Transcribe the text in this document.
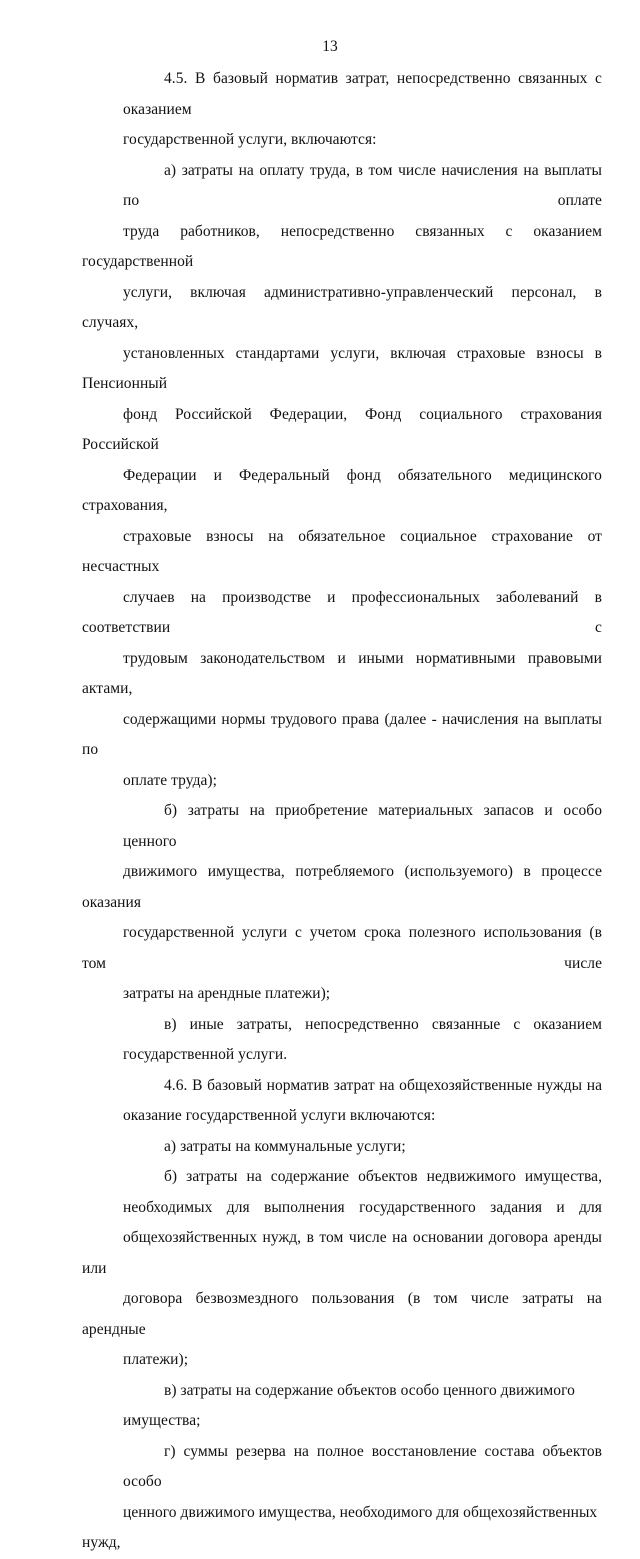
13

4.5. В базовый норматив затрат, непосредственно связанных с оказаниемгосударственной услуги, включаются:

а) затраты на оплату труда, в том числе начисления на выплаты по оплатетруда работников, непосредственно связанных с оказанием государственнойуслуги, включая административно-управленческий персонал, в случаях,установленных стандартами услуги, включая страховые взносы в Пенсионныйфонд Российской Федерации, Фонд социального страхования РоссийскойФедерации и Федеральный фонд обязательного медицинского страхования,страховые взносы на обязательное социальное страхование от несчастныхслучаев на производстве и профессиональных заболеваний в соответствии струдовым законодательством и иными нормативными правовыми актами,содержащими нормы трудового права (далее - начисления на выплаты пооплате труда);

б) затраты на приобретение материальных запасов и особо ценногодвижимого имущества, потребляемого (используемого) в процессе оказаниягосударственной услуги с учетом срока полезного использования (в том числезатраты на арендные платежи);

в) иные затраты, непосредственно связанные с оказаниемгосударственной услуги.

4.6. В базовый норматив затрат на общехозяйственные нужды наоказание государственной услуги включаются:

а) затраты на коммунальные услуги;

б) затраты на содержание объектов недвижимого имущества,необходимых для выполнения государственного задания и дляобщехозяйственных нужд, в том числе на основании договора аренды илидоговора безвозмездного пользования (в том числе затраты на арендныеплатежи);

в) затраты на содержание объектов особо ценного движимого имущества;

г) суммы резерва на полное восстановление состава объектов особоценного движимого имущества, необходимого для общехозяйственных нужд,
